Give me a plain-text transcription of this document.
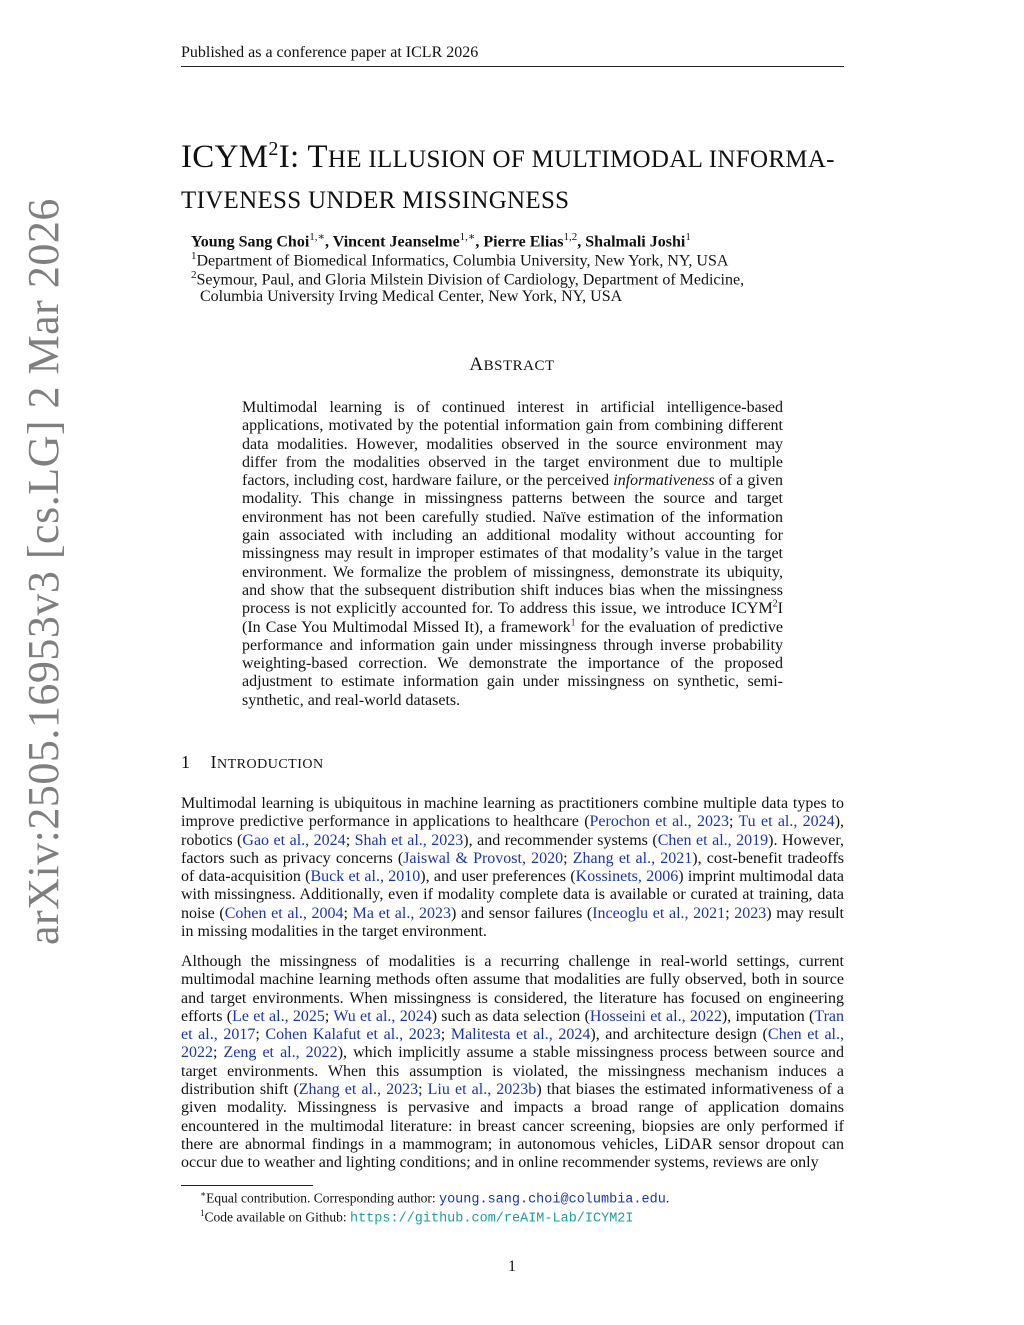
Published as a conference paper at ICLR 2026
arXiv:2505.16953v3 [cs.LG] 2 Mar 2026
ICYM$^2$I: THE ILLUSION OF MULTIMODAL INFORMA-
TIVENESS UNDER MISSINGNESS
Young Sang Choi$^{1,∗}$, Vincent Jeanselme$^{1,∗}$, Pierre Elias$^{1,2}$, Shalmali Joshi$^1$
$^1$Department of Biomedical Informatics, Columbia University, New York, NY, USA
$^2$Seymour, Paul, and Gloria Milstein Division of Cardiology, Department of Medicine,
Columbia University Irving Medical Center, New York, NY, USA
ABSTRACT
Multimodal learning is of continued interest in artificial intelligence-based applications, motivated by the potential information gain from combining different data modalities. However, modalities observed in the source environment may differ from the modalities observed in the target environment due to multiple factors, including cost, hardware failure, or the perceived informativeness of a given modality. This change in missingness patterns between the source and target environment has not been carefully studied. Naïve estimation of the information gain associated with including an additional modality without accounting for missingness may result in improper estimates of that modality’s value in the target environment. We formalize the problem of missingness, demonstrate its ubiquity, and show that the subsequent distribution shift induces bias when the missingness process is not explicitly accounted for. To address this issue, we introduce ICYM$^2$I (In Case You Multimodal Missed It), a framework$^1$ for the evaluation of predictive performance and information gain under missingness through inverse probability weighting-based correction. We demonstrate the importance of the proposed adjustment to estimate information gain under missingness on synthetic, semi-synthetic, and real-world datasets.
1 INTRODUCTION

Multimodal learning is ubiquitous in machine learning as practitioners combine multiple data types to improve predictive performance in applications to healthcare (Perochon et al., 2023; Tu et al., 2024), robotics (Gao et al., 2024; Shah et al., 2023), and recommender systems (Chen et al., 2019). However, factors such as privacy concerns (Jaiswal & Provost, 2020; Zhang et al., 2021), cost-benefit tradeoffs of data-acquisition (Buck et al., 2010), and user preferences (Kossinets, 2006) imprint multimodal data with missingness. Additionally, even if modality complete data is available or curated at training, data noise (Cohen et al., 2004; Ma et al., 2023) and sensor failures (Inceoglu et al., 2021; 2023) may result in missing modalities in the target environment.

Although the missingness of modalities is a recurring challenge in real-world settings, current multimodal machine learning methods often assume that modalities are fully observed, both in source and target environments. When missingness is considered, the literature has focused on engineering efforts (Le et al., 2025; Wu et al., 2024) such as data selection (Hosseini et al., 2022), imputation (Tran et al., 2017; Cohen Kalafut et al., 2023; Malitesta et al., 2024), and architecture design (Chen et al., 2022; Zeng et al., 2022), which implicitly assume a stable missingness process between source and target environments. When this assumption is violated, the missingness mechanism induces a distribution shift (Zhang et al., 2023; Liu et al., 2023b) that biases the estimated informativeness of a given modality. Missingness is pervasive and impacts a broad range of application domains encountered in the multimodal literature: in breast cancer screening, biopsies are only performed if there are abnormal findings in a mammogram; in autonomous vehicles, LiDAR sensor dropout can occur due to weather and lighting conditions; and in online recommender systems, reviews are only

∗Equal contribution. Corresponding author: young.sang.choi@columbia.edu.
$^1$Code available on Github: https://github.com/reAIM-Lab/ICYM2I
1
